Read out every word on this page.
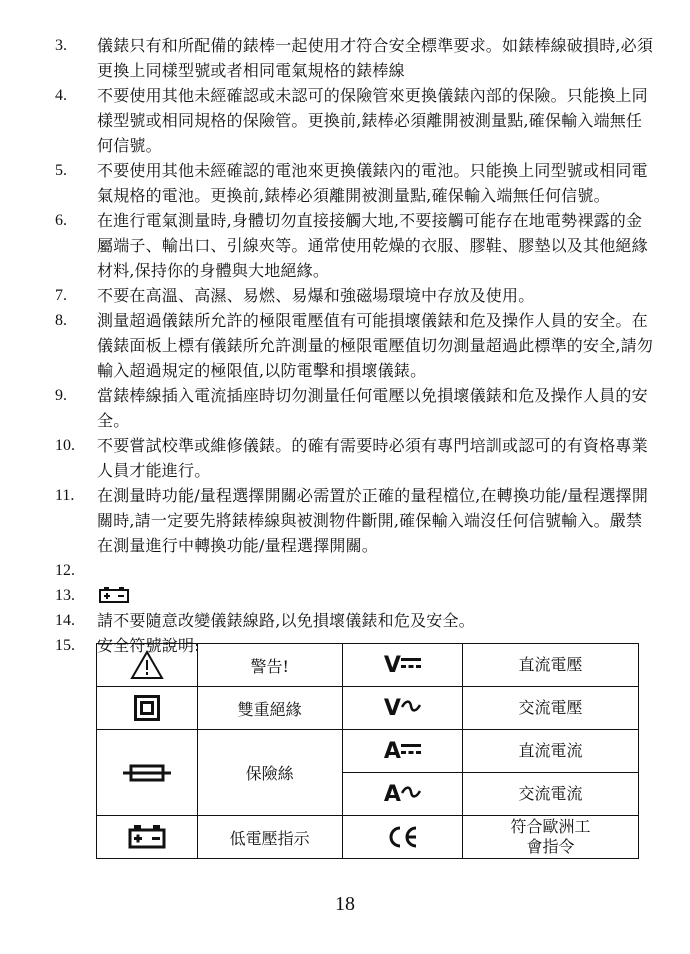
3.	儀錶只有和所配備的錶棒一起使用才符合安全標準要求。如錶棒線破損時,必須更換上同樣型號或者相同電氣規格的錶棒線
4.	不要使用其他未經確認或未認可的保險管來更換儀錶內部的保險。只能換上同樣型號或相同規格的保險管。更換前,錶棒必須離開被測量點,確保輸入端無任何信號。
5.	不要使用其他未經確認的電池來更換儀錶內的電池。只能換上同型號或相同電氣規格的電池。更換前,錶棒必須離開被測量點,確保輸入端無任何信號。
6.	在進行電氣測量時,身體切勿直接接觸大地,不要接觸可能存在地電勢裸露的金屬端子、輸出口、引線夾等。通常使用乾燥的衣服、膠鞋、膠墊以及其他絕緣材料,保持你的身體與大地絕緣。
7.	不要在高溫、高濕、易燃、易爆和強磁場環境中存放及使用。
8.	測量超過儀錶所允許的極限電壓值有可能損壞儀錶和危及操作人員的安全。在儀錶面板上標有儀錶所允許測量的極限電壓值切勿測量超過此標準的安全,請勿輸入超過規定的極限值,以防電擊和損壞儀錶。
9.	當錶棒線插入電流插座時切勿測量任何電壓以免損壞儀錶和危及操作人員的安全。
10.	不要嘗試校準或維修儀錶。的確有需要時必須有專門培訓或認可的有資格專業人員才能進行。
11.	在測量時功能/量程選擇開關必需置於正確的量程檔位,在轉換功能/量程選擇開關時,請一定要先將錶棒線與被測物件斷開,確保輸入端沒任何信號輸入。嚴禁在測量進行中轉換功能/量程選擇開關。
12.
13.
14.	請不要隨意改變儀錶線路,以免損壞儀錶和危及安全。
15.	安全符號說明:
	警告!	V	直流電壓
	雙重絕緣	V	交流電壓
	保險絲	A	直流電流
		A	交流電流
	低電壓指示		符合歐洲工
會指令
18
